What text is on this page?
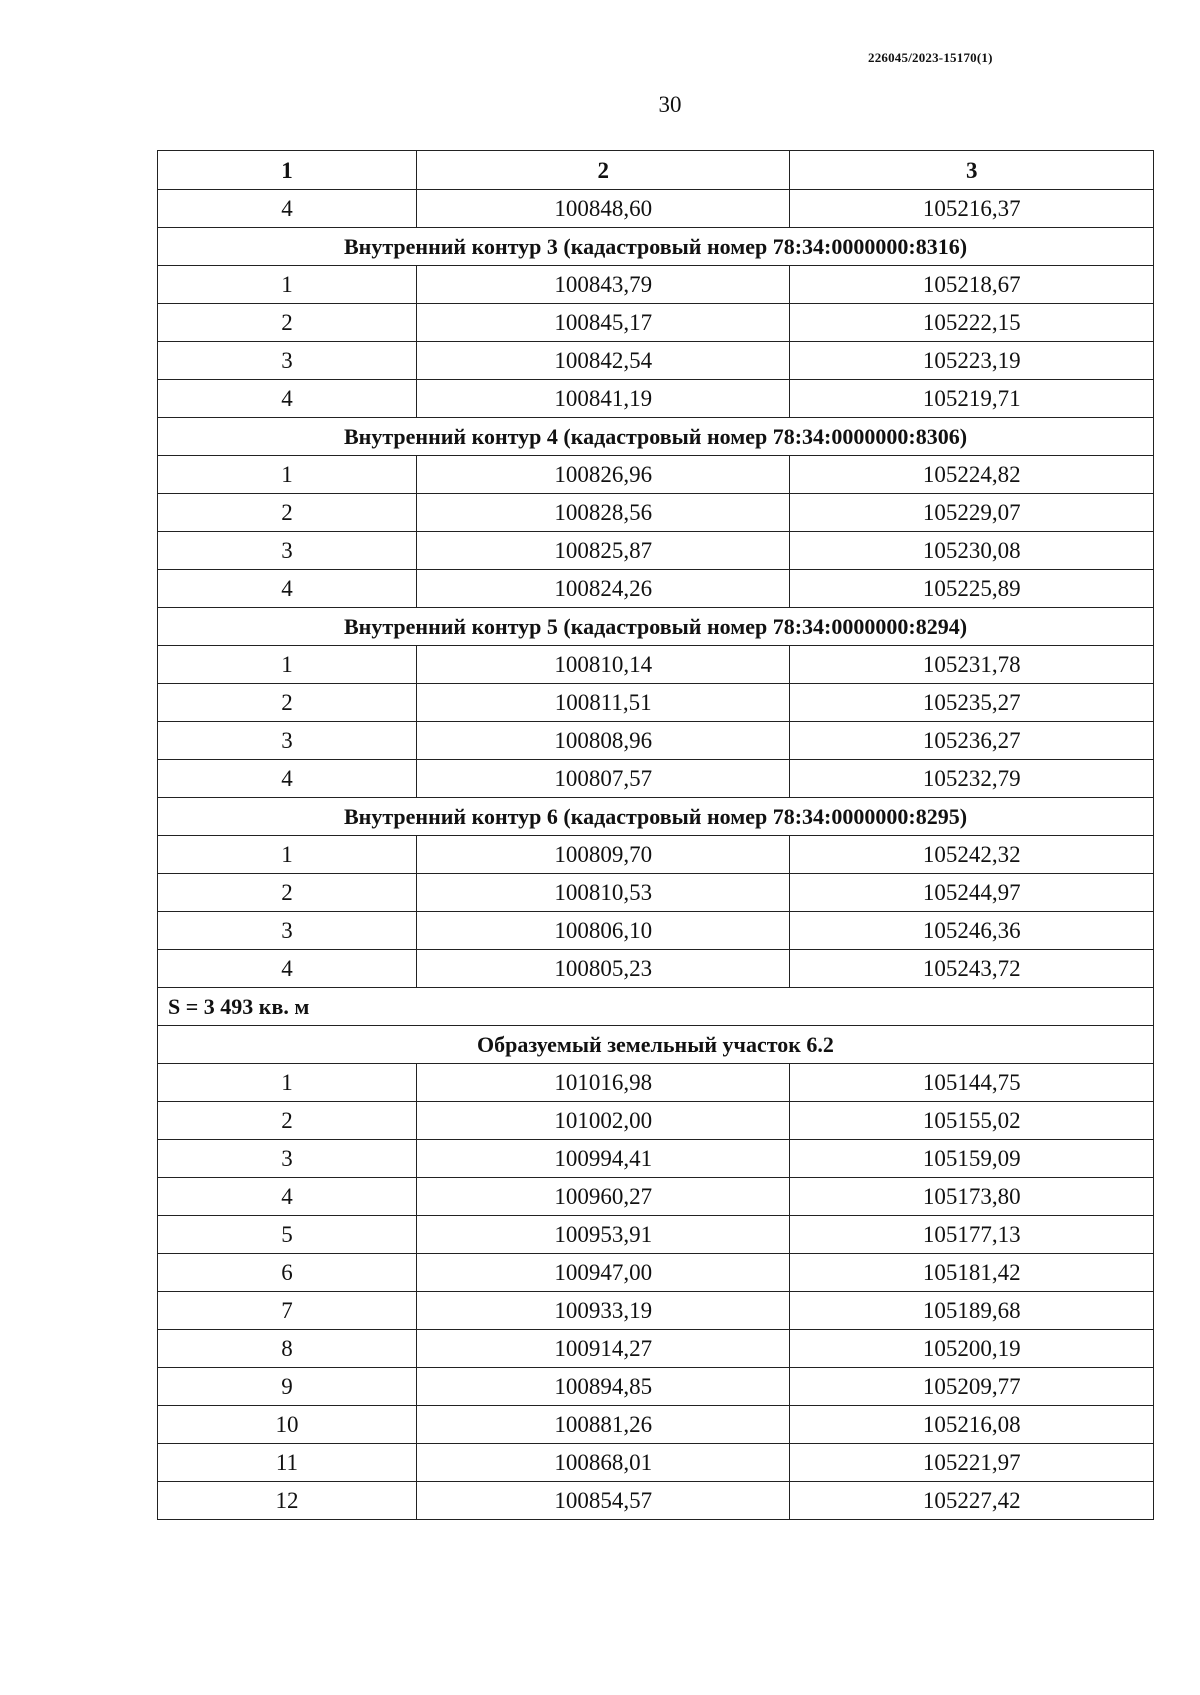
226045/2023-15170(1)
30
1	2	3
4	100848,60	105216,37
Внутренний контур 3 (кадастровый номер 78:34:0000000:8316)		
1	100843,79	105218,67
2	100845,17	105222,15
3	100842,54	105223,19
4	100841,19	105219,71
Внутренний контур 4 (кадастровый номер 78:34:0000000:8306)		
1	100826,96	105224,82
2	100828,56	105229,07
3	100825,87	105230,08
4	100824,26	105225,89
Внутренний контур 5 (кадастровый номер 78:34:0000000:8294)		
1	100810,14	105231,78
2	100811,51	105235,27
3	100808,96	105236,27
4	100807,57	105232,79
Внутренний контур 6 (кадастровый номер 78:34:0000000:8295)		
1	100809,70	105242,32
2	100810,53	105244,97
3	100806,10	105246,36
4	100805,23	105243,72
S = 3 493 кв. м		
Образуемый земельный участок 6.2		
1	101016,98	105144,75
2	101002,00	105155,02
3	100994,41	105159,09
4	100960,27	105173,80
5	100953,91	105177,13
6	100947,00	105181,42
7	100933,19	105189,68
8	100914,27	105200,19
9	100894,85	105209,77
10	100881,26	105216,08
11	100868,01	105221,97
12	100854,57	105227,42
